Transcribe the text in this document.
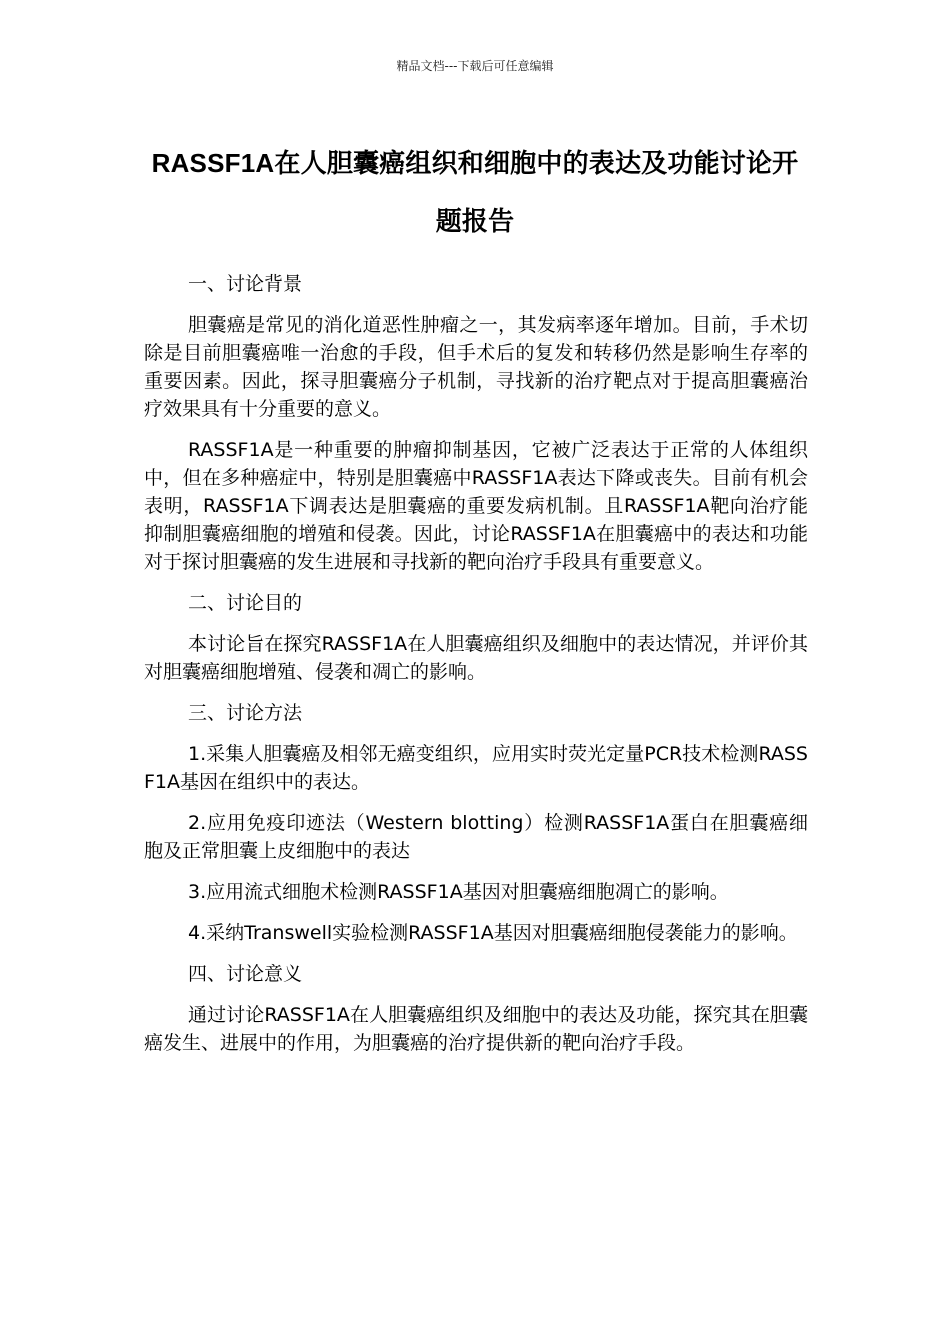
精品文档---下载后可任意编辑
RASSF1A在人胆囊癌组织和细胞中的表达及功能讨论开题报告

一、讨论背景

胆囊癌是常见的消化道恶性肿瘤之一，其发病率逐年增加。目前，手术切除是目前胆囊癌唯一治愈的手段，但手术后的复发和转移仍然是影响生存率的重要因素。因此，探寻胆囊癌分子机制，寻找新的治疗靶点对于提高胆囊癌治疗效果具有十分重要的意义。

RASSF1A是一种重要的肿瘤抑制基因，它被广泛表达于正常的人体组织中，但在多种癌症中，特别是胆囊癌中RASSF1A表达下降或丧失。目前有机会表明，RASSF1A下调表达是胆囊癌的重要发病机制。且RASSF1A靶向治疗能抑制胆囊癌细胞的增殖和侵袭。因此，讨论RASSF1A在胆囊癌中的表达和功能对于探讨胆囊癌的发生进展和寻找新的靶向治疗手段具有重要意义。

二、讨论目的

本讨论旨在探究RASSF1A在人胆囊癌组织及细胞中的表达情况，并评价其对胆囊癌细胞增殖、侵袭和凋亡的影响。

三、讨论方法

1.采集人胆囊癌及相邻无癌变组织，应用实时荧光定量PCR技术检测RASSF1A基因在组织中的表达。

2.应用免疫印迹法（Western blotting）检测RASSF1A蛋白在胆囊癌细胞及正常胆囊上皮细胞中的表达

3.应用流式细胞术检测RASSF1A基因对胆囊癌细胞凋亡的影响。

4.采纳Transwell实验检测RASSF1A基因对胆囊癌细胞侵袭能力的影响。

四、讨论意义

通过讨论RASSF1A在人胆囊癌组织及细胞中的表达及功能，探究其在胆囊癌发生、进展中的作用，为胆囊癌的治疗提供新的靶向治疗手段。
